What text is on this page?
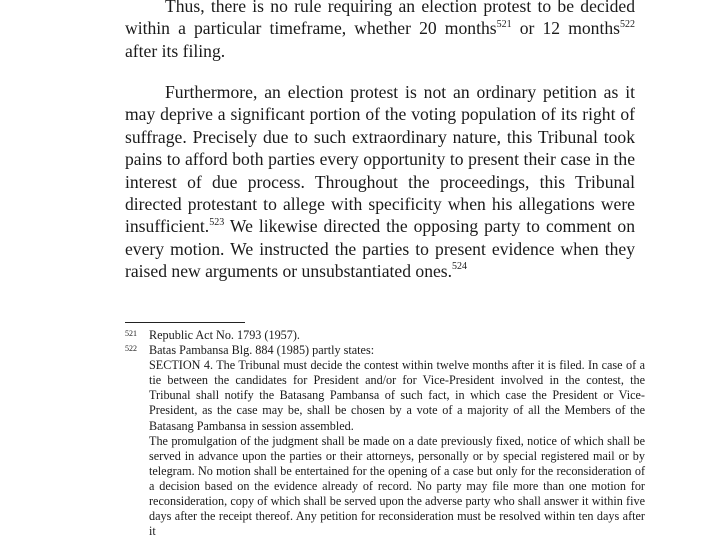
Thus, there is no rule requiring an election protest to be decided within a particular timeframe, whether 20 months$^{521}$ or 12 months$^{522}$ after its filing.

Furthermore, an election protest is not an ordinary petition as it may deprive a significant portion of the voting population of its right of suffrage. Precisely due to such extraordinary nature, this Tribunal took pains to afford both parties every opportunity to present their case in the interest of due process. Throughout the proceedings, this Tribunal directed protestant to allege with specificity when his allegations were insufficient.$^{523}$ We likewise directed the opposing party to comment on every motion. We instructed the parties to present evidence when they raised new arguments or unsubstantiated ones.$^{524}$

521 Republic Act No. 1793 (1957).

522 Batas Pambansa Blg. 884 (1985) partly states:

SECTION 4. The Tribunal must decide the contest within twelve months after it is filed. In case of a tie between the candidates for President and/or for Vice-President involved in the contest, the Tribunal shall notify the Batasang Pambansa of such fact, in which case the President or Vice-President, as the case may be, shall be chosen by a vote of a majority of all the Members of the Batasang Pambansa in session assembled.

The promulgation of the judgment shall be made on a date previously fixed, notice of which shall be served in advance upon the parties or their attorneys, personally or by special registered mail or by telegram. No motion shall be entertained for the opening of a case but only for the reconsideration of a decision based on the evidence already of record. No party may file more than one motion for reconsideration, copy of which shall be served upon the adverse party who shall answer it within five days after the receipt thereof. Any petition for reconsideration must be resolved within ten days after it
